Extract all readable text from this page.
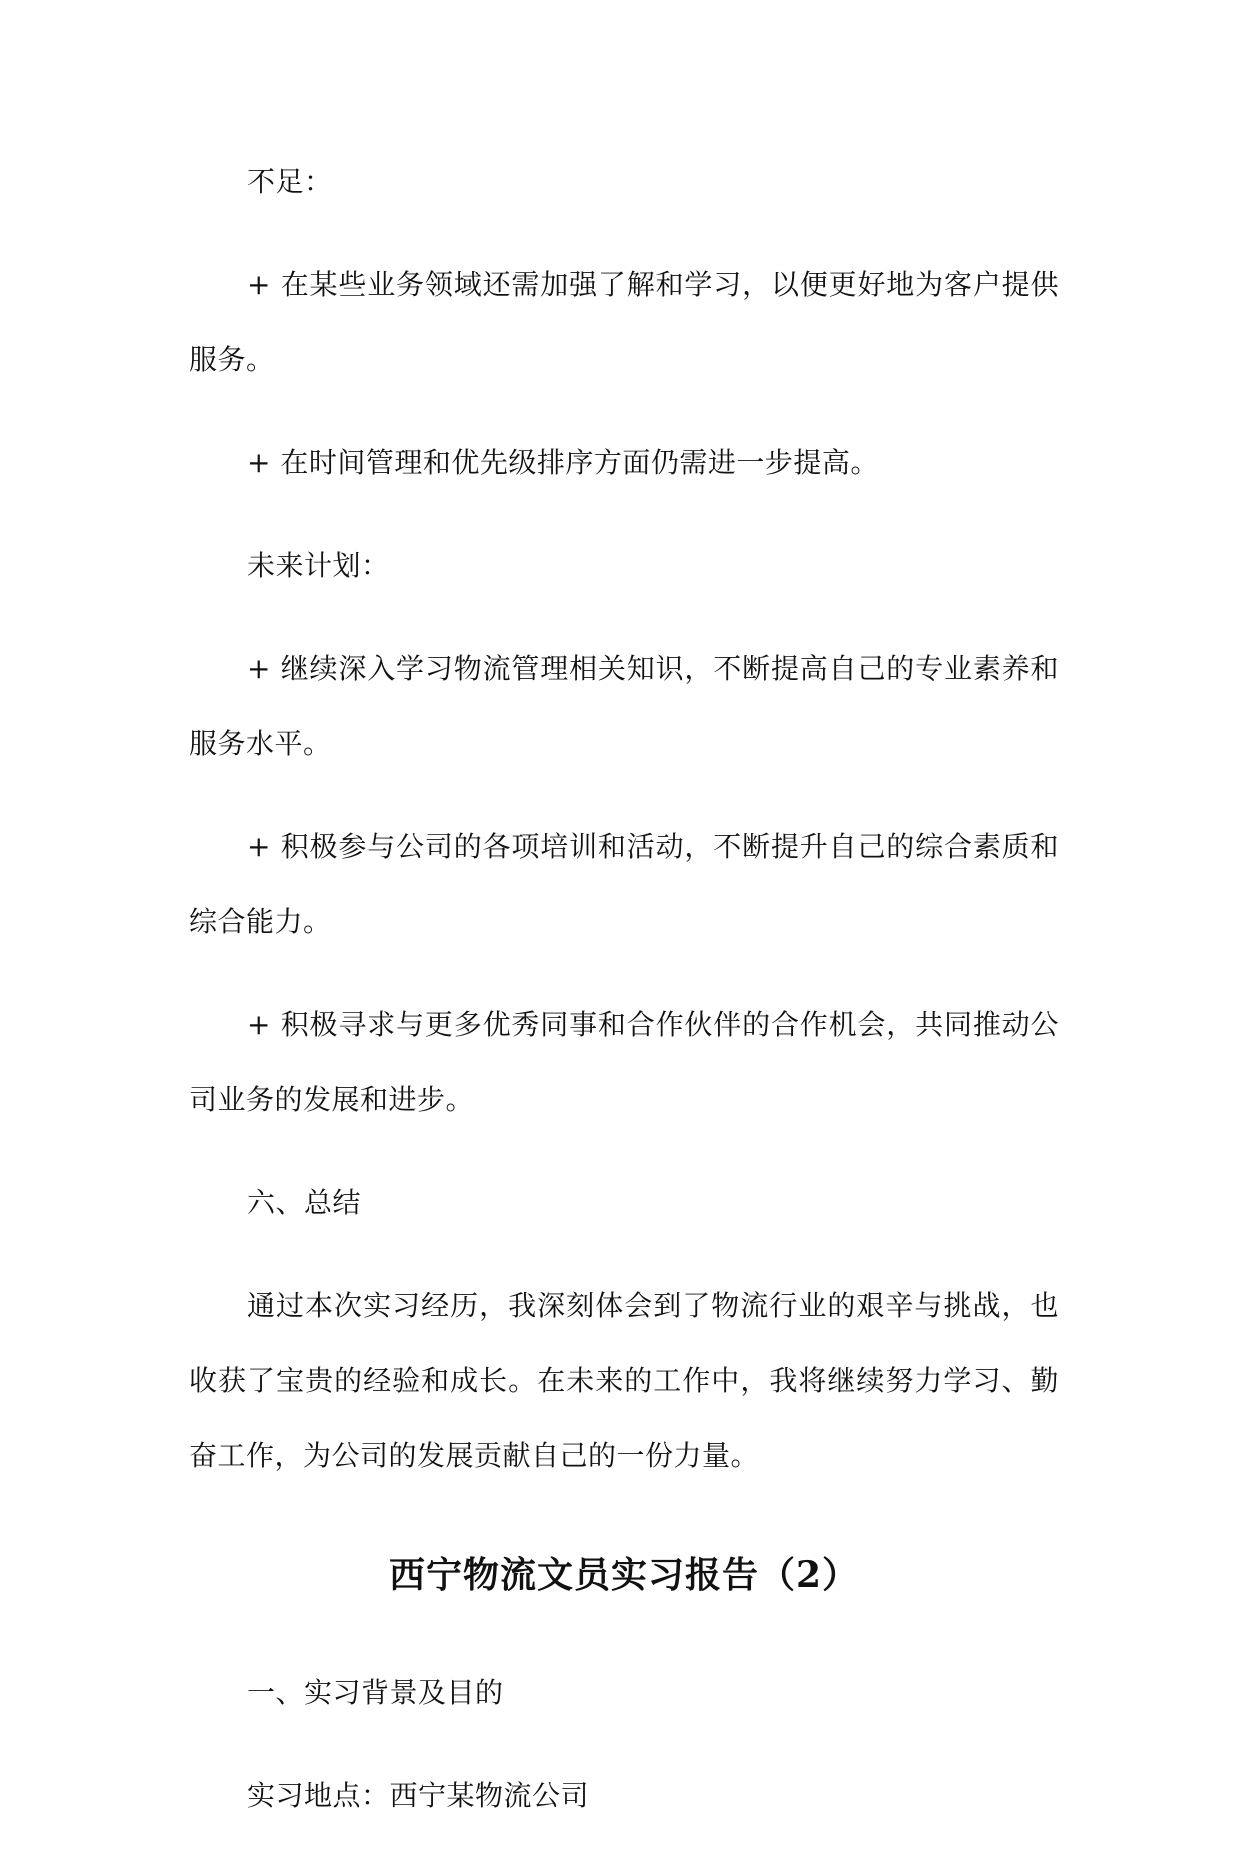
不足：

+ 在某些业务领域还需加强了解和学习，以便更好地为客户提供服务。

+ 在时间管理和优先级排序方面仍需进一步提高。

未来计划：

+ 继续深入学习物流管理相关知识，不断提高自己的专业素养和服务水平。

+ 积极参与公司的各项培训和活动，不断提升自己的综合素质和综合能力。

+ 积极寻求与更多优秀同事和合作伙伴的合作机会，共同推动公司业务的发展和进步。

六、总结

通过本次实习经历，我深刻体会到了物流行业的艰辛与挑战，也收获了宝贵的经验和成长。在未来的工作中，我将继续努力学习、勤奋工作，为公司的发展贡献自己的一份力量。

西宁物流文员实习报告（2）

一、实习背景及目的

实习地点：西宁某物流公司
